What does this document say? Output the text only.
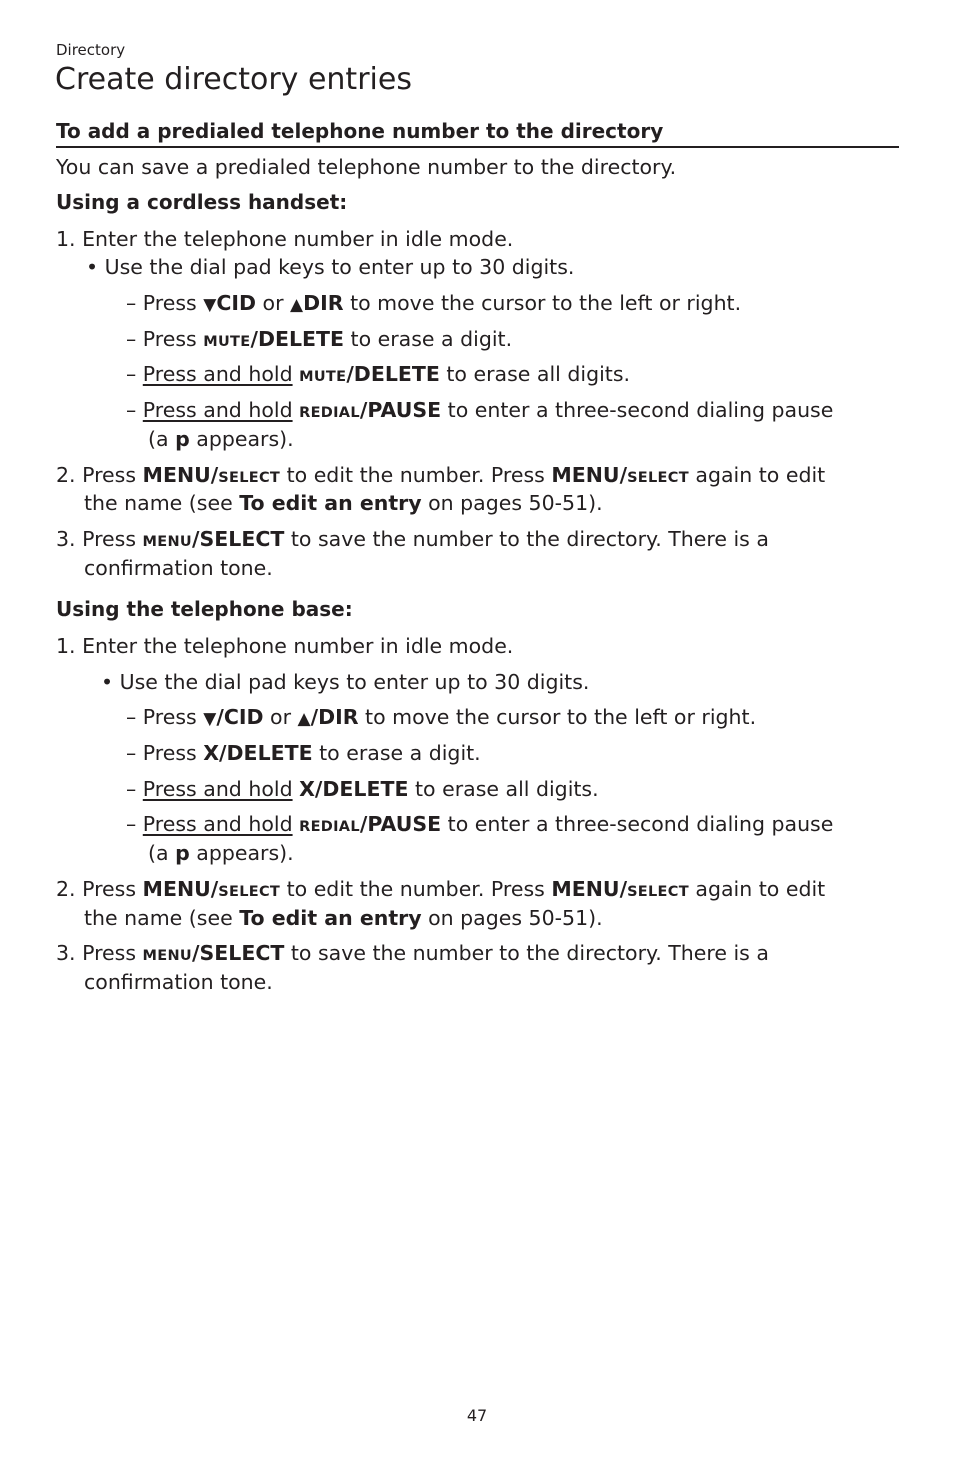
Directory
Create directory entries
To add a predialed telephone number to the directory
You can save a predialed telephone number to the directory.
Using a cordless handset:
1. Enter the telephone number in idle mode.
• Use the dial pad keys to enter up to 30 digits.
– Press ▼CID or ▲DIR to move the cursor to the left or right.
– Press MUTE/DELETE to erase a digit.
– Press and hold MUTE/DELETE to erase all digits.
– Press and hold REDIAL/PAUSE to enter a three-second dialing pause
(a p appears).
2. Press MENU/SELECT to edit the number. Press MENU/SELECT again to edit
the name (see To edit an entry on pages 50-51).
3. Press MENU/SELECT to save the number to the directory. There is a
confirmation tone.
Using the telephone base:
1. Enter the telephone number in idle mode.
• Use the dial pad keys to enter up to 30 digits.
– Press ▼/CID or ▲/DIR to move the cursor to the left or right.
– Press X/DELETE to erase a digit.
– Press and hold X/DELETE to erase all digits.
– Press and hold REDIAL/PAUSE to enter a three-second dialing pause
(a p appears).
2. Press MENU/SELECT to edit the number. Press MENU/SELECT again to edit
the name (see To edit an entry on pages 50-51).
3. Press MENU/SELECT to save the number to the directory. There is a
confirmation tone.
47
